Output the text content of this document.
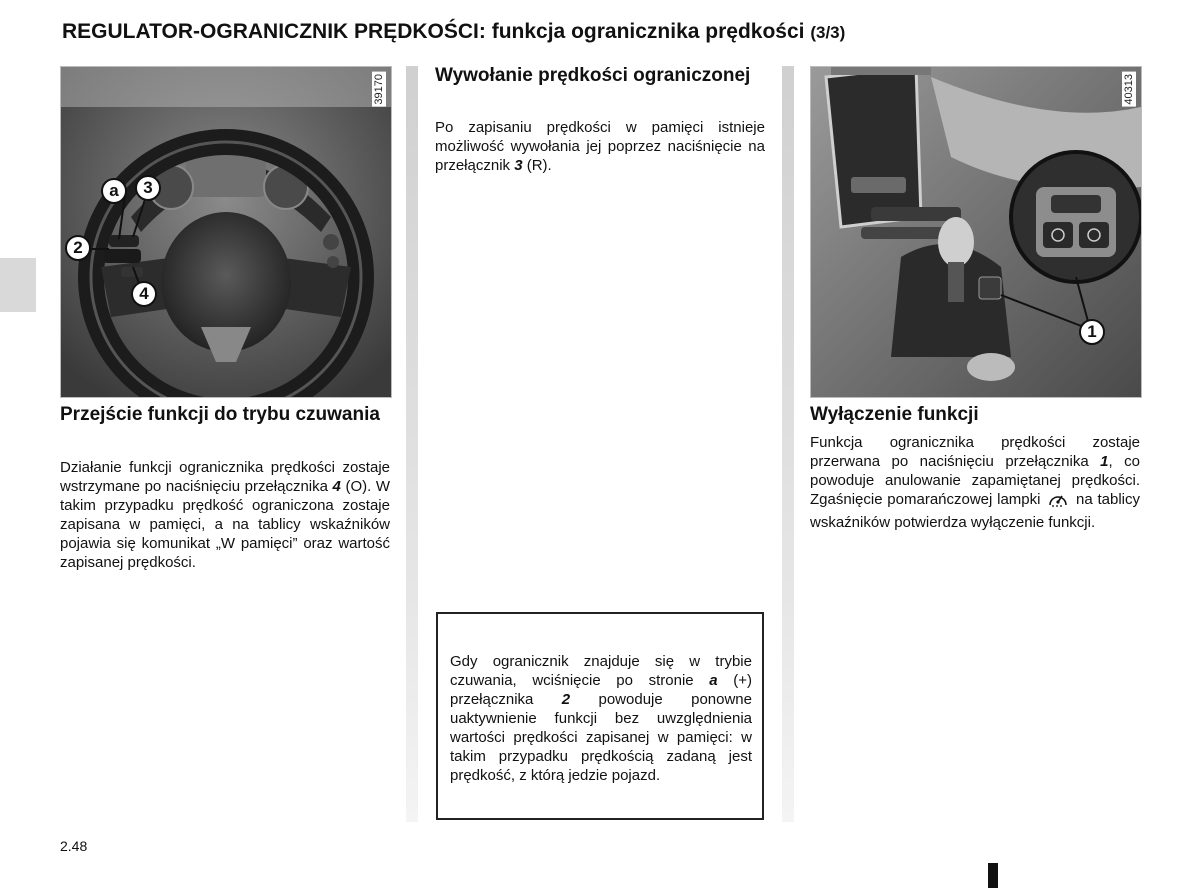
REGULATOR-OGRANICZNIK PRĘDKOŚCI: funkcja ogranicznika prędkości (3/3)
a	3
2
4
39170
1
40313
Przejście funkcji do trybu czuwania
Działanie funkcji ogranicznika prędkości zostaje wstrzymane po naciśnięciu przełącznika 4 (O). W takim przypadku prędkość ograniczona zostaje zapisana w pamięci, a na tablicy wskaźników pojawia się komunikat „W pamięci” oraz wartość zapisanej prędkości.
Wywołanie prędkości ograniczonej
Po zapisaniu prędkości w pamięci istnieje możliwość wywołania jej poprzez naciśnięcie na przełącznik 3 (R).
Gdy ogranicznik znajduje się w trybie czuwania, wciśnięcie po stronie a (+) przełącznika 2 powoduje ponowne uaktywnienie funkcji bez uwzględnienia wartości prędkości zapisanej w pamięci: w takim przypadku prędkością zadaną jest prędkość, z którą jedzie pojazd.
Wyłączenie funkcji
Funkcja ogranicznika prędkości zostaje przerwana po naciśnięciu przełącznika 1, co powoduje anulowanie zapamiętanej prędkości. Zgaśnięcie pomarańczowej lampki  na tablicy wskaźników potwierdza wyłączenie funkcji.
2.48
